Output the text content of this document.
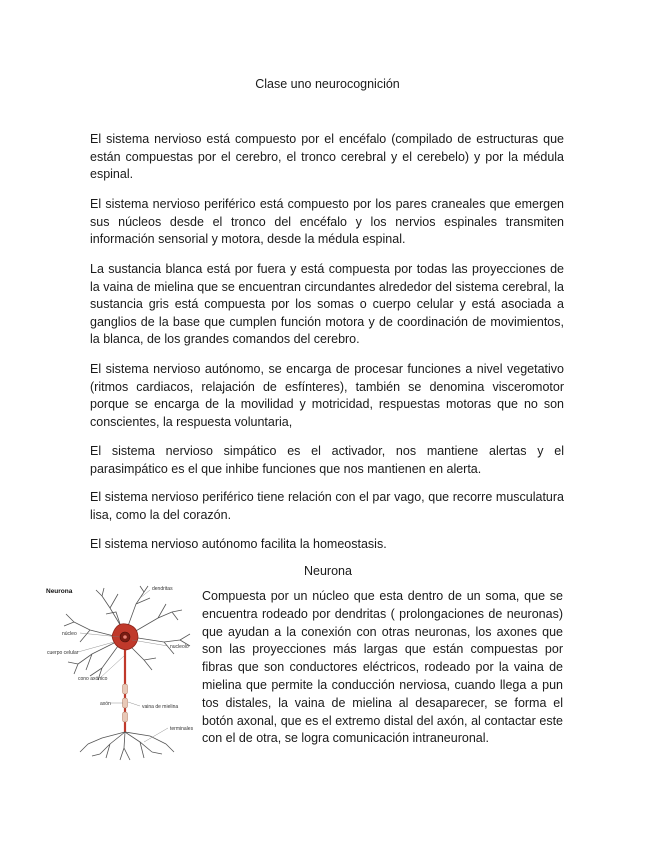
Clase uno neurocognición

El sistema nervioso está compuesto por el encéfalo (compilado de estructuras que están compuestas por el cerebro, el tronco cerebral y el cerebelo) y por la médula espinal.

El sistema nervioso periférico está compuesto por los pares craneales que emergen sus núcleos desde el tronco del encéfalo y los nervios espinales transmiten información sensorial y motora, desde la médula espinal.

La sustancia blanca está por fuera y está compuesta por todas las proyecciones de la vaina de mielina que se encuentran circundantes alrededor del sistema cerebral, la sustancia gris está compuesta por los somas o cuerpo celular y está asociada a ganglios de la base que cumplen función motora y de coordinación de movimientos, la blanca, de los grandes comandos del cerebro.

El sistema nervioso autónomo, se encarga de procesar funciones a nivel vegetativo (ritmos cardiacos, relajación de esfínteres), también se denomina visceromotor porque se encarga de la movilidad y motricidad, respuestas motoras que no son conscientes, la respuesta voluntaria,

El sistema nervioso simpático es el activador, nos mantiene alertas y el parasimpático es el que inhibe funciones que nos mantienen en alerta.

El sistema nervioso periférico tiene relación con el par vago, que recorre musculatura lisa, como la del corazón.

El sistema nervioso autónomo facilita la homeostasis.

Neurona
Neurona	dendritas
núcleo
cuerpo celular
nucleolo
cono axónico
axón	vaina de mielina
terminales

Compuesta por un núcleo que esta dentro de un soma, que se encuentra rodeado por dendritas ( prolongaciones de neuronas) que ayudan a la conexión con otras neuronas, los axones que son las proyecciones más largas que están compuestas por fibras que son conductores eléctricos, rodeado por la vaina de mielina que permite la conducción nerviosa, cuando llega a pun tos distales, la vaina de mielina al desaparecer, se forma el botón axonal, que es el extremo distal del axón, al contactar este con el de otra, se logra comunicación intraneuronal.
